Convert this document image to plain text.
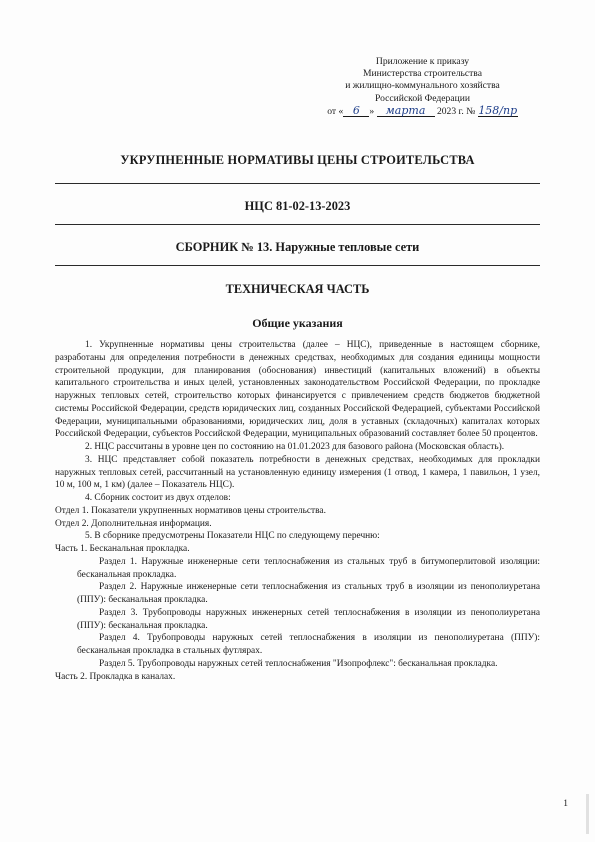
Приложение к приказу
Министерства строительства
и жилищно-коммунального хозяйства
Российской Федерации
от « 6 » марта 2023 г. № 158/пр
УКРУПНЕННЫЕ НОРМАТИВЫ ЦЕНЫ СТРОИТЕЛЬСТВА
НЦС 81-02-13-2023
СБОРНИК № 13. Наружные тепловые сети
ТЕХНИЧЕСКАЯ ЧАСТЬ
Общие указания

1. Укрупненные нормативы цены строительства (далее – НЦС), приведенные в настоящем сборнике, разработаны для определения потребности в денежных средствах, необходимых для создания единицы мощности строительной продукции, для планирования (обоснования) инвестиций (капитальных вложений) в объекты капитального строительства и иных целей, установленных законодательством Российской Федерации, по прокладке наружных тепловых сетей, строительство которых финансируется с привлечением средств бюджетов бюджетной системы Российской Федерации, средств юридических лиц, созданных Российской Федерацией, субъектами Российской Федерации, муниципальными образованиями, юридических лиц, доля в уставных (складочных) капиталах которых Российской Федерации, субъектов Российской Федерации, муниципальных образований составляет более 50 процентов.

2. НЦС рассчитаны в уровне цен по состоянию на 01.01.2023 для базового района (Московская область).

3. НЦС представляет собой показатель потребности в денежных средствах, необходимых для прокладки наружных тепловых сетей, рассчитанный на установленную единицу измерения (1 отвод, 1 камера, 1 павильон, 1 узел, 10 м, 100 м, 1 км) (далее – Показатель НЦС).

4. Сборник состоит из двух отделов:

Отдел 1. Показатели укрупненных нормативов цены строительства.

Отдел 2. Дополнительная информация.

5. В сборнике предусмотрены Показатели НЦС по следующему перечню:

Часть 1. Бесканальная прокладка.

Раздел 1. Наружные инженерные сети теплоснабжения из стальных труб в битумоперлитовой изоляции: бесканальная прокладка.

Раздел 2. Наружные инженерные сети теплоснабжения из стальных труб в изоляции из пенополиуретана (ППУ): бесканальная прокладка.

Раздел 3. Трубопроводы наружных инженерных сетей теплоснабжения в изоляции из пенополиуретана (ППУ): бесканальная прокладка.

Раздел 4. Трубопроводы наружных сетей теплоснабжения в изоляции из пенополиуретана (ППУ): бесканальная прокладка в стальных футлярах.

Раздел 5. Трубопроводы наружных сетей теплоснабжения "Изопрофлекс": бесканальная прокладка.

Часть 2. Прокладка в каналах.

1
